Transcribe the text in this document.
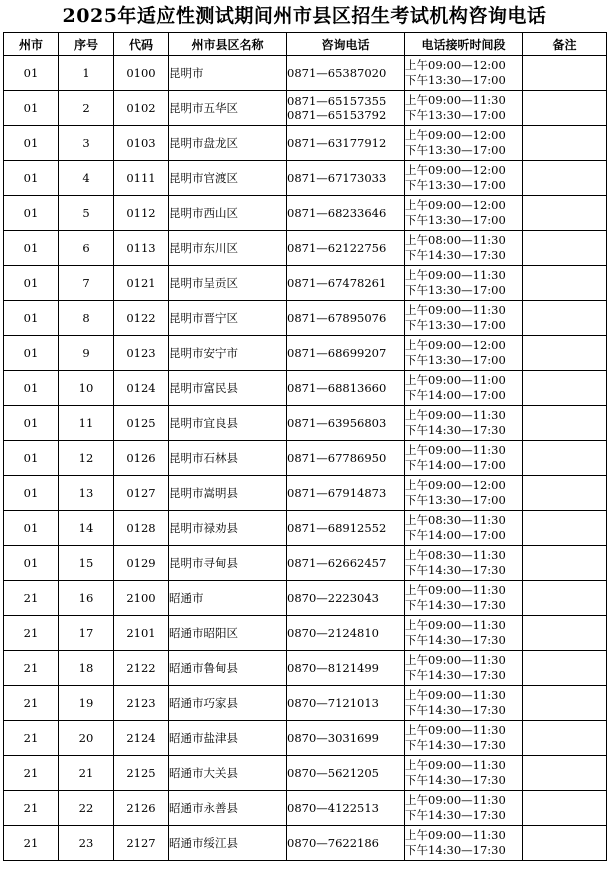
2025年适应性测试期间州市县区招生考试机构咨询电话
州市	序号	代码	州市县区名称	咨询电话	电话接听时间段	备注
01	1	0100	昆明市	0871—65387020	上午09:00—12:00
下午13:30—17:00	

01	2	0102	昆明市五华区	0871—65157355
0871—65153792	上午09:00—11:30
下午13:30—17:00	

01	3	0103	昆明市盘龙区	0871—63177912	上午09:00—12:00
下午13:30—17:00	

01	4	0111	昆明市官渡区	0871—67173033	上午09:00—12:00
下午13:30—17:00	

01	5	0112	昆明市西山区	0871—68233646	上午09:00—12:00
下午13:30—17:00	

01	6	0113	昆明市东川区	0871—62122756	上午08:00—11:30
下午14:30—17:30	

01	7	0121	昆明市呈贡区	0871—67478261	上午09:00—11:30
下午13:30—17:00	

01	8	0122	昆明市晋宁区	0871—67895076	上午09:00—11:30
下午13:30—17:00	

01	9	0123	昆明市安宁市	0871—68699207	上午09:00—12:00
下午13:30—17:00	

01	10	0124	昆明市富民县	0871—68813660	上午09:00—11:00
下午14:00—17:00	

01	11	0125	昆明市宜良县	0871—63956803	上午09:00—11:30
下午14:30—17:30	

01	12	0126	昆明市石林县	0871—67786950	上午09:00—11:30
下午14:00—17:00	

01	13	0127	昆明市嵩明县	0871—67914873	上午09:00—12:00
下午13:30—17:00	

01	14	0128	昆明市禄劝县	0871—68912552	上午08:30—11:30
下午14:00—17:00	

01	15	0129	昆明市寻甸县	0871—62662457	上午08:30—11:30
下午14:30—17:30	

21	16	2100	昭通市	0870—2223043	上午09:00—11:30
下午14:30—17:30	

21	17	2101	昭通市昭阳区	0870—2124810	上午09:00—11:30
下午14:30—17:30	

21	18	2122	昭通市鲁甸县	0870—8121499	上午09:00—11:30
下午14:30—17:30	

21	19	2123	昭通市巧家县	0870—7121013	上午09:00—11:30
下午14:30—17:30	

21	20	2124	昭通市盐津县	0870—3031699	上午09:00—11:30
下午14:30—17:30	

21	21	2125	昭通市大关县	0870—5621205	上午09:00—11:30
下午14:30—17:30	

21	22	2126	昭通市永善县	0870—4122513	上午09:00—11:30
下午14:30—17:30	

21	23	2127	昭通市绥江县	0870—7622186	上午09:00—11:30
下午14:30—17:30	
